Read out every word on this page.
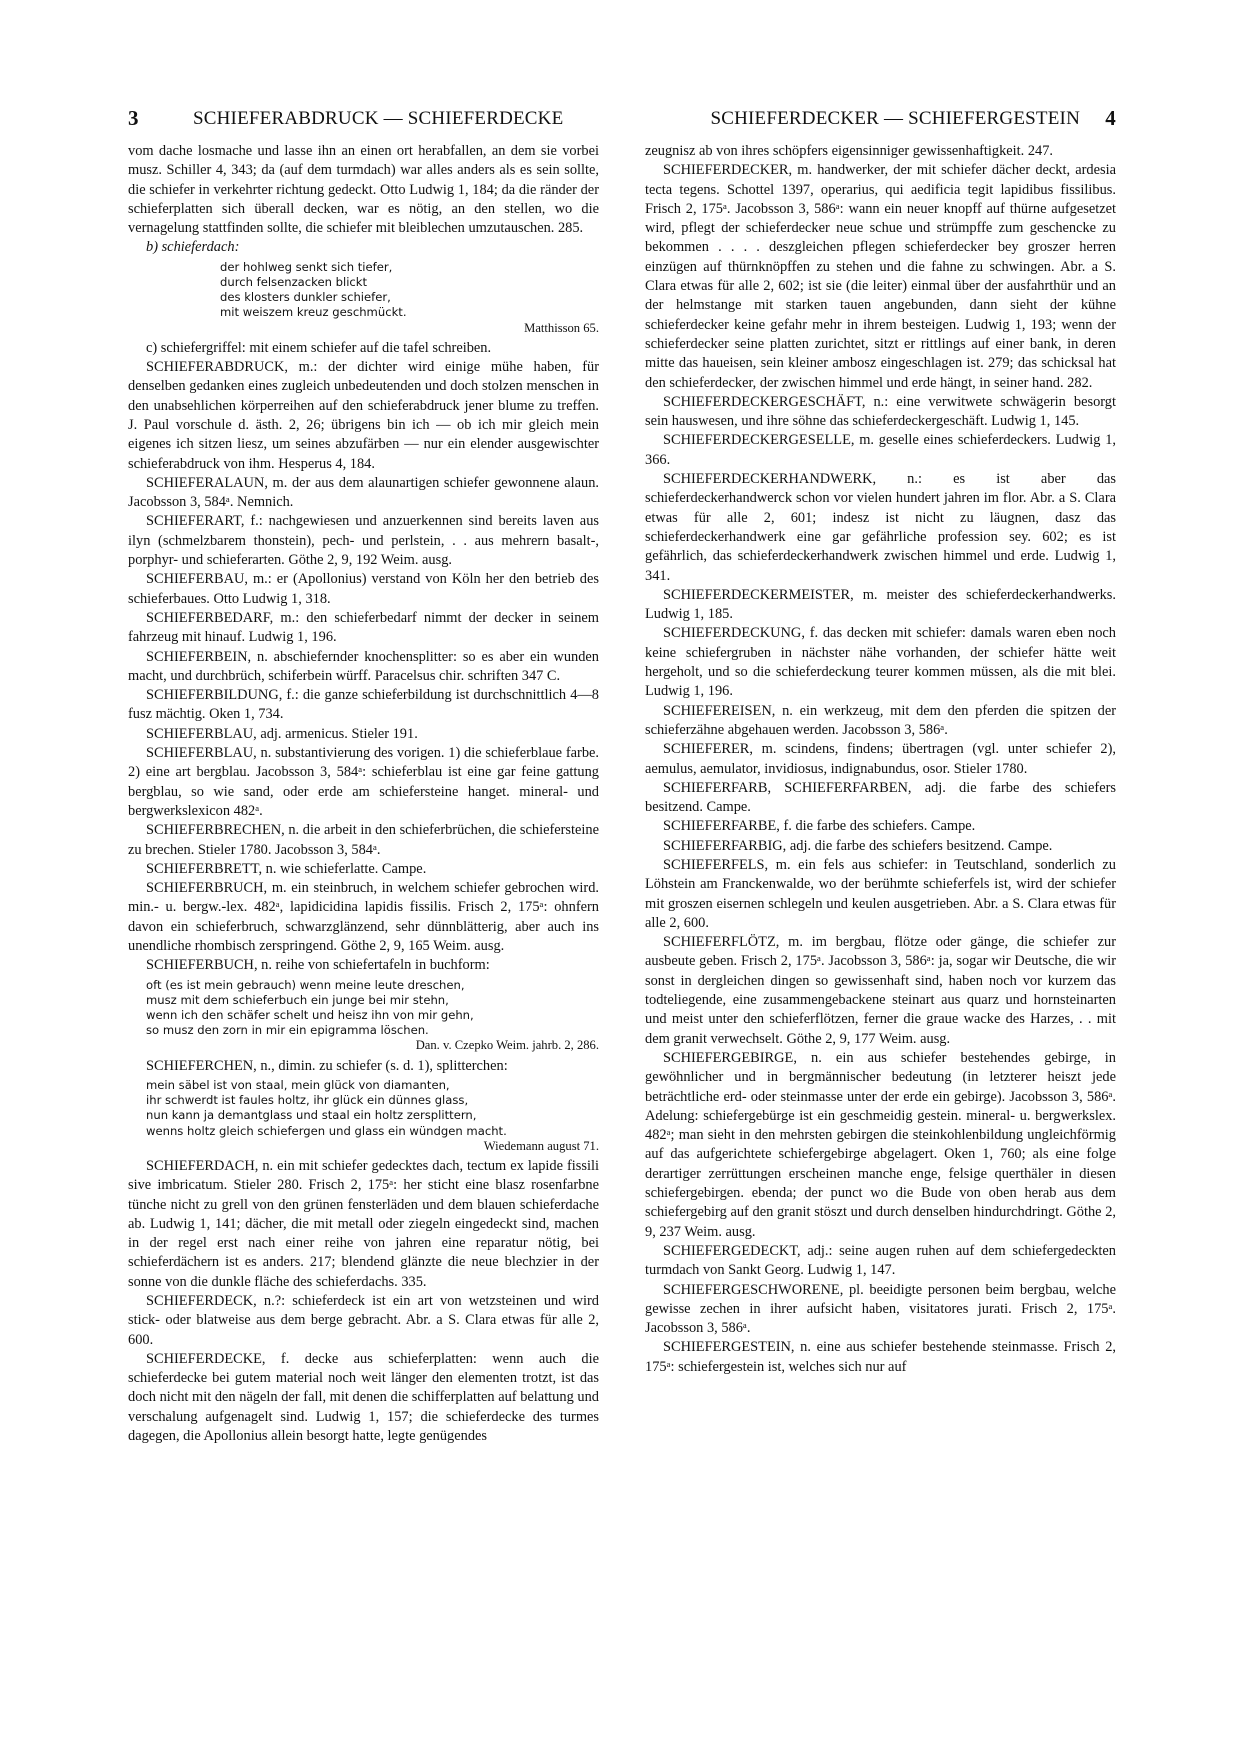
3	SCHIEFERABDRUCK — SCHIEFERDECKE	SCHIEFERDECKER — SCHIEFERGESTEIN 4

vom dache losmache und lasse ihn an einen ort herabfallen, an dem sie vorbei musz. Schiller 4, 343; da (auf dem turmdach) war alles anders als es sein sollte, die schiefer in verkehrter richtung gedeckt. Otto Ludwig 1, 184; da die ränder der schieferplatten sich überall decken, war es nötig, an den stellen, wo die vernagelung stattfinden sollte, die schiefer mit bleiblechen umzutauschen. 285.

b) schieferdach:

der hohlweg senkt sich tiefer,
durch felsenzacken blickt
des klosters dunkler schiefer,
mit weiszem kreuz geschmückt.
Matthisson 65.

c) schiefergriffel: mit einem schiefer auf die tafel schreiben.

SCHIEFERABDRUCK, m.: der dichter wird einige mühe haben, für denselben gedanken eines zugleich unbedeutenden und doch stolzen menschen in den unabsehlichen körperreihen auf den schieferabdruck jener blume zu treffen. J. Paul vorschule d. ästh. 2, 26; übrigens bin ich — ob ich mir gleich mein eigenes ich sitzen liesz, um seines abzufärben — nur ein elender ausgewischter schieferabdruck von ihm. Hesperus 4, 184.

SCHIEFERALAUN, m. der aus dem alaunartigen schiefer gewonnene alaun. Jacobsson 3, 584ᵃ. Nemnich.

SCHIEFERART, f.: nachgewiesen und anzuerkennen sind bereits laven aus ilyn (schmelzbarem thonstein), pech- und perlstein, . . aus mehrern basalt-, porphyr- und schieferarten. Göthe 2, 9, 192 Weim. ausg.

SCHIEFERBAU, m.: er (Apollonius) verstand von Köln her den betrieb des schieferbaues. Otto Ludwig 1, 318.

SCHIEFERBEDARF, m.: den schieferbedarf nimmt der decker in seinem fahrzeug mit hinauf. Ludwig 1, 196.

SCHIEFERBEIN, n. abschiefernder knochensplitter: so es aber ein wunden macht, und durchbrüch, schiferbein würff. Paracelsus chir. schriften 347 C.

SCHIEFERBILDUNG, f.: die ganze schieferbildung ist durchschnittlich 4—8 fusz mächtig. Oken 1, 734.

SCHIEFERBLAU, adj. armenicus. Stieler 191.

SCHIEFERBLAU, n. substantivierung des vorigen. 1) die schieferblaue farbe. 2) eine art bergblau. Jacobsson 3, 584ᵃ: schieferblau ist eine gar feine gattung bergblau, so wie sand, oder erde am schiefersteine hanget. mineral- und bergwerkslexicon 482ᵃ.

SCHIEFERBRECHEN, n. die arbeit in den schieferbrüchen, die schiefersteine zu brechen. Stieler 1780. Jacobsson 3, 584ᵃ.

SCHIEFERBRETT, n. wie schieferlatte. Campe.

SCHIEFERBRUCH, m. ein steinbruch, in welchem schiefer gebrochen wird. min.- u. bergw.-lex. 482ᵃ, lapidicidina lapidis fissilis. Frisch 2, 175ᵃ: ohnfern davon ein schieferbruch, schwarzglänzend, sehr dünnblätterig, aber auch ins unendliche rhombisch zerspringend. Göthe 2, 9, 165 Weim. ausg.

SCHIEFERBUCH, n. reihe von schiefertafeln in buchform:

oft (es ist mein gebrauch) wenn meine leute dreschen,
musz mit dem schieferbuch ein junge bei mir stehn,
wenn ich den schäfer schelt und heisz ihn von mir gehn,
so musz den zorn in mir ein epigramma löschen.
Dan. v. Czepko Weim. jahrb. 2, 286.

SCHIEFERCHEN, n., dimin. zu schiefer (s. d. 1), splitterchen:

mein säbel ist von staal, mein glück von diamanten,
ihr schwerdt ist faules holtz, ihr glück ein dünnes glass,
nun kann ja demantglass und staal ein holtz zersplittern,
wenns holtz gleich schiefergen und glass ein wündgen macht.
Wiedemann august 71.

SCHIEFERDACH, n. ein mit schiefer gedecktes dach, tectum ex lapide fissili sive imbricatum. Stieler 280. Frisch 2, 175ᵃ: her sticht eine blasz rosenfarbne tünche nicht zu grell von den grünen fensterläden und dem blauen schieferdache ab. Ludwig 1, 141; dächer, die mit metall oder ziegeln eingedeckt sind, machen in der regel erst nach einer reihe von jahren eine reparatur nötig, bei schieferdächern ist es anders. 217; blendend glänzte die neue blechzier in der sonne von die dunkle fläche des schieferdachs. 335.

SCHIEFERDECK, n.?: schieferdeck ist ein art von wetzsteinen und wird stick- oder blatweise aus dem berge gebracht. Abr. a S. Clara etwas für alle 2, 600.

SCHIEFERDECKE, f. decke aus schieferplatten: wenn auch die schieferdecke bei gutem material noch weit länger den elementen trotzt, ist das doch nicht mit den nägeln der fall, mit denen die schifferplatten auf belattung und verschalung aufgenagelt sind. Ludwig 1, 157; die schieferdecke des turmes dagegen, die Apollonius allein besorgt hatte, legte genügendes

zeugnisz ab von ihres schöpfers eigensinniger gewissenhaftigkeit. 247.

SCHIEFERDECKER, m. handwerker, der mit schiefer dächer deckt, ardesia tecta tegens. Schottel 1397, operarius, qui aedificia tegit lapidibus fissilibus. Frisch 2, 175ᵃ. Jacobsson 3, 586ᵃ: wann ein neuer knopff auf thürne aufgesetzet wird, pflegt der schieferdecker neue schue und strümpffe zum geschencke zu bekommen . . . . deszgleichen pflegen schieferdecker bey groszer herren einzügen auf thürnknöpffen zu stehen und die fahne zu schwingen. Abr. a S. Clara etwas für alle 2, 602; ist sie (die leiter) einmal über der ausfahrthür und an der helmstange mit starken tauen angebunden, dann sieht der kühne schieferdecker keine gefahr mehr in ihrem besteigen. Ludwig 1, 193; wenn der schieferdecker seine platten zurichtet, sitzt er rittlings auf einer bank, in deren mitte das haueisen, sein kleiner ambosz eingeschlagen ist. 279; das schicksal hat den schieferdecker, der zwischen himmel und erde hängt, in seiner hand. 282.

SCHIEFERDECKERGESCHÄFT, n.: eine verwitwete schwägerin besorgt sein hauswesen, und ihre söhne das schieferdeckergeschäft. Ludwig 1, 145.

SCHIEFERDECKERGESELLE, m. geselle eines schieferdeckers. Ludwig 1, 366.

SCHIEFERDECKERHANDWERK, n.: es ist aber das schieferdeckerhandwerck schon vor vielen hundert jahren im flor. Abr. a S. Clara etwas für alle 2, 601; indesz ist nicht zu läugnen, dasz das schieferdeckerhandwerk eine gar gefährliche profession sey. 602; es ist gefährlich, das schieferdeckerhandwerk zwischen himmel und erde. Ludwig 1, 341.

SCHIEFERDECKERMEISTER, m. meister des schieferdeckerhandwerks. Ludwig 1, 185.

SCHIEFERDECKUNG, f. das decken mit schiefer: damals waren eben noch keine schiefergruben in nächster nähe vorhanden, der schiefer hätte weit hergeholt, und so die schieferdeckung teurer kommen müssen, als die mit blei. Ludwig 1, 196.

SCHIEFEREISEN, n. ein werkzeug, mit dem den pferden die spitzen der schieferzähne abgehauen werden. Jacobsson 3, 586ᵃ.

SCHIEFERER, m. scindens, findens; übertragen (vgl. unter schiefer 2), aemulus, aemulator, invidiosus, indignabundus, osor. Stieler 1780.

SCHIEFERFARB, SCHIEFERFARBEN, adj. die farbe des schiefers besitzend. Campe.

SCHIEFERFARBE, f. die farbe des schiefers. Campe.

SCHIEFERFARBIG, adj. die farbe des schiefers besitzend. Campe.

SCHIEFERFELS, m. ein fels aus schiefer: in Teutschland, sonderlich zu Löhstein am Franckenwalde, wo der berühmte schieferfels ist, wird der schiefer mit groszen eisernen schlegeln und keulen ausgetrieben. Abr. a S. Clara etwas für alle 2, 600.

SCHIEFERFLÖTZ, m. im bergbau, flötze oder gänge, die schiefer zur ausbeute geben. Frisch 2, 175ᵃ. Jacobsson 3, 586ᵃ: ja, sogar wir Deutsche, die wir sonst in dergleichen dingen so gewissenhaft sind, haben noch vor kurzem das todteliegende, eine zusammengebackene steinart aus quarz und hornsteinarten und meist unter den schieferflötzen, ferner die graue wacke des Harzes, . . mit dem granit verwechselt. Göthe 2, 9, 177 Weim. ausg.

SCHIEFERGEBIRGE, n. ein aus schiefer bestehendes gebirge, in gewöhnlicher und in bergmännischer bedeutung (in letzterer heiszt jede beträchtliche erd- oder steinmasse unter der erde ein gebirge). Jacobsson 3, 586ᵃ. Adelung: schiefergebürge ist ein geschmeidig gestein. mineral- u. bergwerkslex. 482ᵃ; man sieht in den mehrsten gebirgen die steinkohlenbildung ungleichförmig auf das aufgerichtete schiefergebirge abgelagert. Oken 1, 760; als eine folge derartiger zerrüttungen erscheinen manche enge, felsige querthäler in diesen schiefergebirgen. ebenda; der punct wo die Bude von oben herab aus dem schiefergebirg auf den granit stöszt und durch denselben hindurchdringt. Göthe 2, 9, 237 Weim. ausg.

SCHIEFERGEDECKT, adj.: seine augen ruhen auf dem schiefergedeckten turmdach von Sankt Georg. Ludwig 1, 147.

SCHIEFERGESCHWORENE, pl. beeidigte personen beim bergbau, welche gewisse zechen in ihrer aufsicht haben, visitatores jurati. Frisch 2, 175ᵃ. Jacobsson 3, 586ᵃ.

SCHIEFERGESTEIN, n. eine aus schiefer bestehende steinmasse. Frisch 2, 175ᵃ: schiefergestein ist, welches sich nur auf
